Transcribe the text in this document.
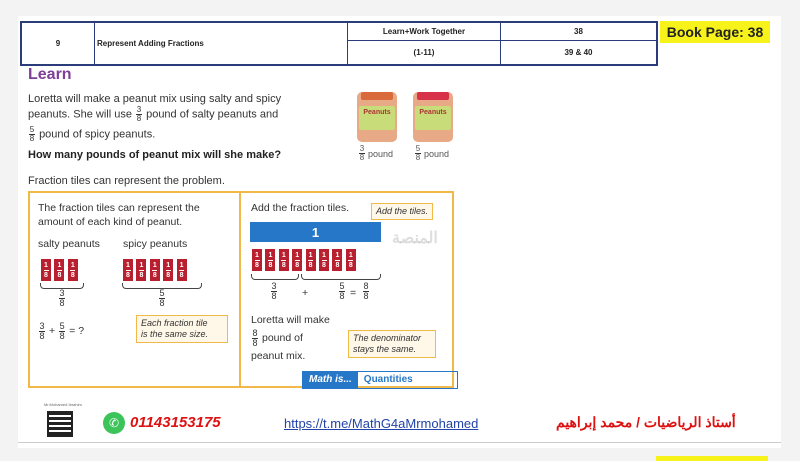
9	Represent Adding Fractions
Learn+Work Together	38
(1-11)	39 & 40
Book Page: 38
Learn
Loretta will make a peanut mix using salty and spicy
peanuts. She will use $\frac{3}{8}$ pound of salty peanuts and
$\frac{5}{8}$ pound of spicy peanuts.
How many pounds of peanut mix will she make?
Peanuts	Peanuts
$\frac{3}{8}$ pound	$\frac{5}{8}$ pound
Fraction tiles can represent the problem.
The fraction tiles can represent the
amount of each kind of peanut.
salty peanuts spicy peanuts
$\frac{3}{8}$	$\frac{5}{8}$
$\frac{3}{8} + \frac{5}{8}$ = ?
Each fraction tile
is the same size.
Add the fraction tiles.	Add the tiles.
المنصة
1
$\frac{3}{8}$ +	$\frac{5}{8} = \frac{8}{8}$
Loretta will make
$\frac{8}{8}$ pound of
peanut mix.
The denominator
stays the same.
Math is...	Quantities
Mr.Mohamed Ibrahim
✆ 01143153175	https://t.me/MathG4aMrmohamed	أستاذ الرياضيات / محمد إبراهيم
1
8
1
8
1
8
1
8
1
8
1
8
1
8
1
8
1
8
1
8
1
8
1
8
1
8
1
8
1
8
1
8
